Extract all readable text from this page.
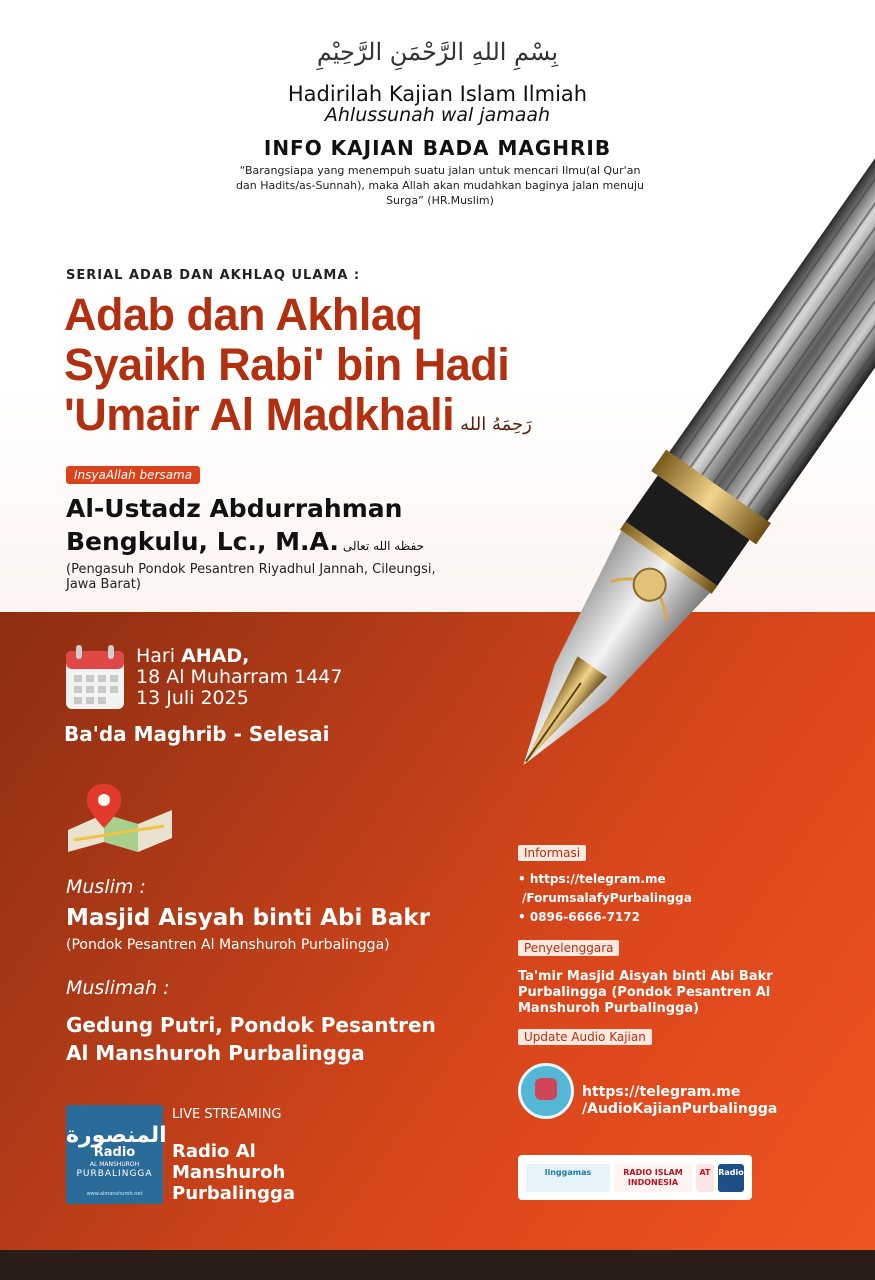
بِسْمِ اللهِ الرَّحْمَنِ الرَّحِيْمِ
Hadirilah Kajian Islam Ilmiah
Ahlussunah wal jamaah
INFO KAJIAN BADA MAGHRIB
“Barangsiapa yang menempuh suatu jalan untuk mencari Ilmu(al Qur'an dan Hadits/as-Sunnah), maka Allah akan mudahkan baginya jalan menuju Surga” (HR.Muslim)
SERIAL ADAB DAN AKHLAQ ULAMA :
Adab dan Akhlaq
Syaikh Rabi' bin Hadi
'Umair Al Madkhali رَحِمَهُ الله
InsyaAllah bersama
Al-Ustadz Abdurrahman
Bengkulu, Lc., M.A. حفظه الله تعالى
(Pengasuh Pondok Pesantren Riyadhul Jannah, Cileungsi, Jawa Barat)
Hari AHAD,
18 Al Muharram 1447
13 Juli 2025
Ba'da Maghrib - Selesai
Muslim :
Masjid Aisyah binti Abi Bakr
(Pondok Pesantren Al Manshuroh Purbalingga)
Muslimah :
Gedung Putri, Pondok Pesantren
Al Manshuroh Purbalingga
المنصورة
Radio
AL MANSHUROH
PURBALINGGA
www.almanshuroh.net
LIVE STREAMING
Radio Al
Manshuroh
Purbalingga
Informasi
• https://telegram.me
/ForumsalafyPurbalingga
• 0896-6666-7172
Penyelenggara
Ta'mir Masjid Aisyah binti Abi Bakr Purbalingga (Pondok Pesantren Al Manshuroh Purbalingga)
Update Audio Kajian
https://telegram.me
/AudioKajianPurbalingga
linggamas	RADIO ISLAM INDONESIA
AT Radio
